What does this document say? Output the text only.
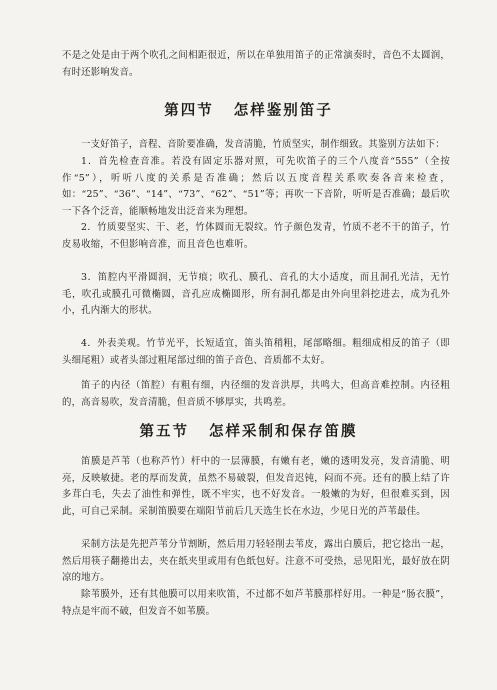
不是之处是由于两个吹孔之间相距很近，所以在单独用笛子的正常演奏时，音色不太圆润，有时还影响发音。

第四节 怎样鉴别笛子

一支好笛子，音程、音阶要准确，发音清脆，竹质坚实，制作细致。其鉴别方法如下：

1．首先检查音准。若没有固定乐器对照，可先吹笛子的三个八度音“555”（全按作“5”），听听八度的关系是否准确；然后以五度音程关系吹奏各音来检查，如：“25”、“36”、“14”、“73”、“62”、“51”等；再吹一下音阶，听听是否准确；最后吹一下各个泛音，能顺畅地发出泛音来为理想。

2．竹质要坚实、干、老，竹体圆而无裂纹。竹子颜色发青，竹质不老不干的笛子，竹皮易收缩，不但影响音准，而且音色也难听。

3．笛腔内平滑圆润，无节痕；吹孔、膜孔、音孔的大小适度，而且洞孔光洁，无竹毛，吹孔或膜孔可微椭圆，音孔应成椭圆形，所有洞孔都是由外向里斜挖进去，成为孔外小，孔内渐大的形状。

4．外表美观。竹节光平，长短适宜，笛头笛稍粗，尾部略细。粗细成相反的笛子（即头细尾粗）或者头部过粗尾部过细的笛子音色、音质都不太好。

笛子的内径（笛腔）有粗有细，内径细的发音洪厚，共鸣大，但高音难控制。内径粗的，高音易吹，发音清脆，但音质不够厚实，共鸣差。

第五节 怎样采制和保存笛膜

笛膜是芦苇（也称芦竹）杆中的一层薄膜，有嫩有老，嫩的透明发亮，发音清脆、明亮，反映敏捷。老的厚而发黄，虽然不易破裂，但发音迟钝，闷而不亮。还有的膜上结了许多茸白毛，失去了油性和弹性，既不牢实，也不好发音。一般嫩的为好，但很难买到，因此，可自己采制。采制笛膜要在端阳节前后几天选生长在水边，少见日光的芦苇最佳。

采制方法是先把芦苇分节割断，然后用刀轻轻削去苇皮，露出白膜后，把它捻出一起，然后用筷子翻捲出去，夹在纸夹里或用有色纸包好。注意不可受热，忌见阳光，最好放在阴凉的地方。

除苇膜外，还有其他膜可以用来吹笛，不过都不如芦苇膜那样好用。一种是“肠衣膜”，特点是牢而不破，但发音不如苇膜。
